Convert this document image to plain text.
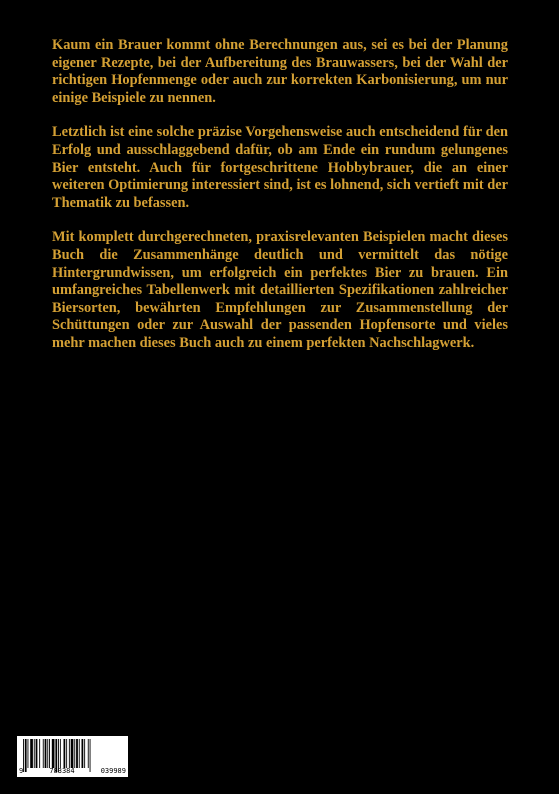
Kaum ein Brauer kommt ohne Berechnungen aus, sei es bei der Planung eigener Rezepte, bei der Aufbereitung des Brauwassers, bei der Wahl der richtigen Hopfenmenge oder auch zur korrekten Karbonisierung, um nur einige Beispiele zu nennen.

Letztlich ist eine solche präzise Vorgehensweise auch entscheidend für den Erfolg und ausschlaggebend dafür, ob am Ende ein rundum gelungenes Bier entsteht. Auch für fortgeschrittene Hobbybrauer, die an einer weiteren Optimierung interessiert sind, ist es lohnend, sich vertieft mit der Thematik zu befassen.

Mit komplett durchgerechneten, praxisrelevanten Beispielen macht dieses Buch die Zusammenhänge deutlich und vermittelt das nötige Hintergrundwissen, um erfolgreich ein perfektes Bier zu brauen. Ein umfangreiches Tabellenwerk mit detaillierten Spezifikationen zahlreicher Biersorten, bewährten Empfehlungen zur Zusammenstellung der Schüttungen oder zur Auswahl der passenden Hopfensorte und vieles mehr machen dieses Buch auch zu einem perfekten Nachschlagwerk.

9	783384	039989
